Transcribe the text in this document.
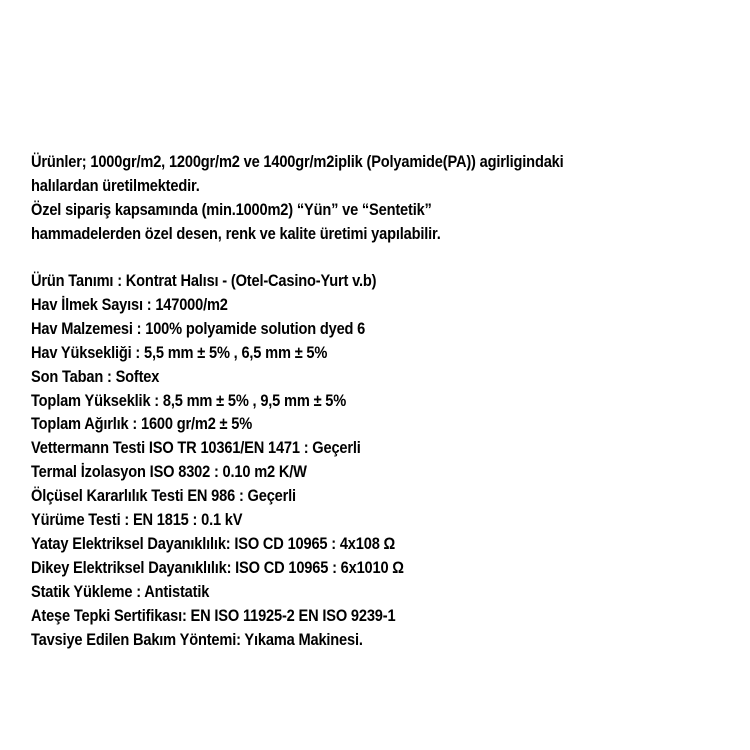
Ürünler; 1000gr/m2, 1200gr/m2 ve 1400gr/m2iplik (Polyamide(PA)) agirligindaki
halılardan üretilmektedir.
Özel sipariş kapsamında (min.1000m2) “Yün” ve “Sentetik”
hammadelerden özel desen, renk ve kalite üretimi yapılabilir.
Ürün Tanımı : Kontrat Halısı - (Otel-Casino-Yurt v.b)
Hav İlmek Sayısı : 147000/m2
Hav Malzemesi : 100% polyamide solution dyed 6
Hav Yüksekliği : 5,5 mm ± 5% , 6,5 mm ± 5%
Son Taban : Softex
Toplam Yükseklik : 8,5 mm ± 5% , 9,5 mm ± 5%
Toplam Ağırlık : 1600 gr/m2 ± 5%
Vettermann Testi ISO TR 10361/EN 1471 : Geçerli
Termal İzolasyon ISO 8302 : 0.10 m2 K/W
Ölçüsel Kararlılık Testi EN 986 : Geçerli
Yürüme Testi : EN 1815 : 0.1 kV
Yatay Elektriksel Dayanıklılık: ISO CD 10965 : 4x108 Ω
Dikey Elektriksel Dayanıklılık: ISO CD 10965 : 6x1010 Ω
Statik Yükleme : Antistatik
Ateşe Tepki Sertifikası: EN ISO 11925-2 EN ISO 9239-1
Tavsiye Edilen Bakım Yöntemi: Yıkama Makinesi.
